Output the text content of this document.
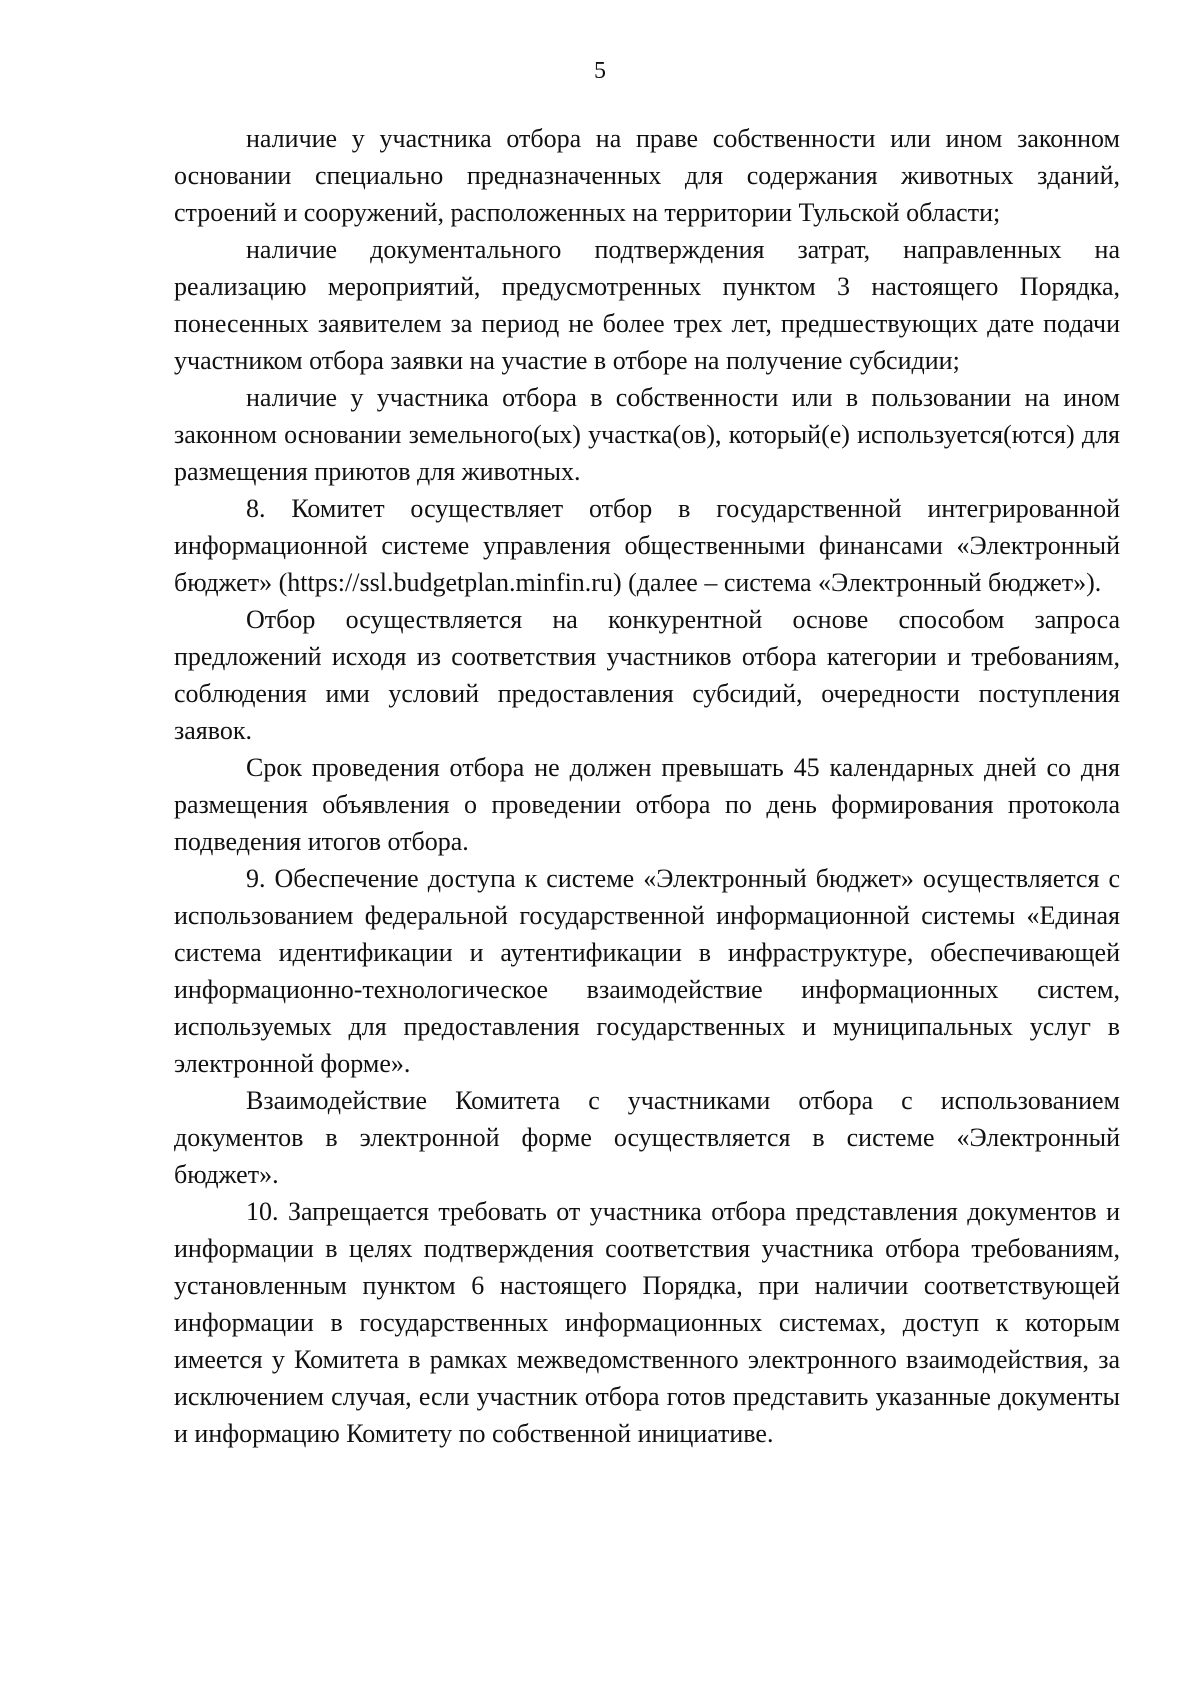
5

наличие у участника отбора на праве собственности или ином законном основании специально предназначенных для содержания животных зданий, строений и сооружений, расположенных на территории Тульской области;

наличие документального подтверждения затрат, направленных на реализацию мероприятий, предусмотренных пунктом 3 настоящего Порядка, понесенных заявителем за период не более трех лет, предшествующих дате подачи участником отбора заявки на участие в отборе на получение субсидии;

наличие у участника отбора в собственности или в пользовании на ином законном основании земельного(ых) участка(ов), который(е) используется(ются) для размещения приютов для животных.

8. Комитет осуществляет отбор в государственной интегрированной информационной системе управления общественными финансами «Электронный бюджет» (https://ssl.budgetplan.minfin.ru) (далее – система «Электронный бюджет»).

Отбор осуществляется на конкурентной основе способом запроса предложений исходя из соответствия участников отбора категории и требованиям, соблюдения ими условий предоставления субсидий, очередности поступления заявок.

Срок проведения отбора не должен превышать 45 календарных дней со дня размещения объявления о проведении отбора по день формирования протокола подведения итогов отбора.

9. Обеспечение доступа к системе «Электронный бюджет» осуществляется с использованием федеральной государственной информационной системы «Единая система идентификации и аутентификации в инфраструктуре, обеспечивающей информационно-технологическое взаимодействие информационных систем, используемых для предоставления государственных и муниципальных услуг в электронной форме».

Взаимодействие Комитета с участниками отбора с использованием документов в электронной форме осуществляется в системе «Электронный бюджет».

10. Запрещается требовать от участника отбора представления документов и информации в целях подтверждения соответствия участника отбора требованиям, установленным пунктом 6 настоящего Порядка, при наличии соответствующей информации в государственных информационных системах, доступ к которым имеется у Комитета в рамках межведомственного электронного взаимодействия, за исключением случая, если участник отбора готов представить указанные документы и информацию Комитету по собственной инициативе.
